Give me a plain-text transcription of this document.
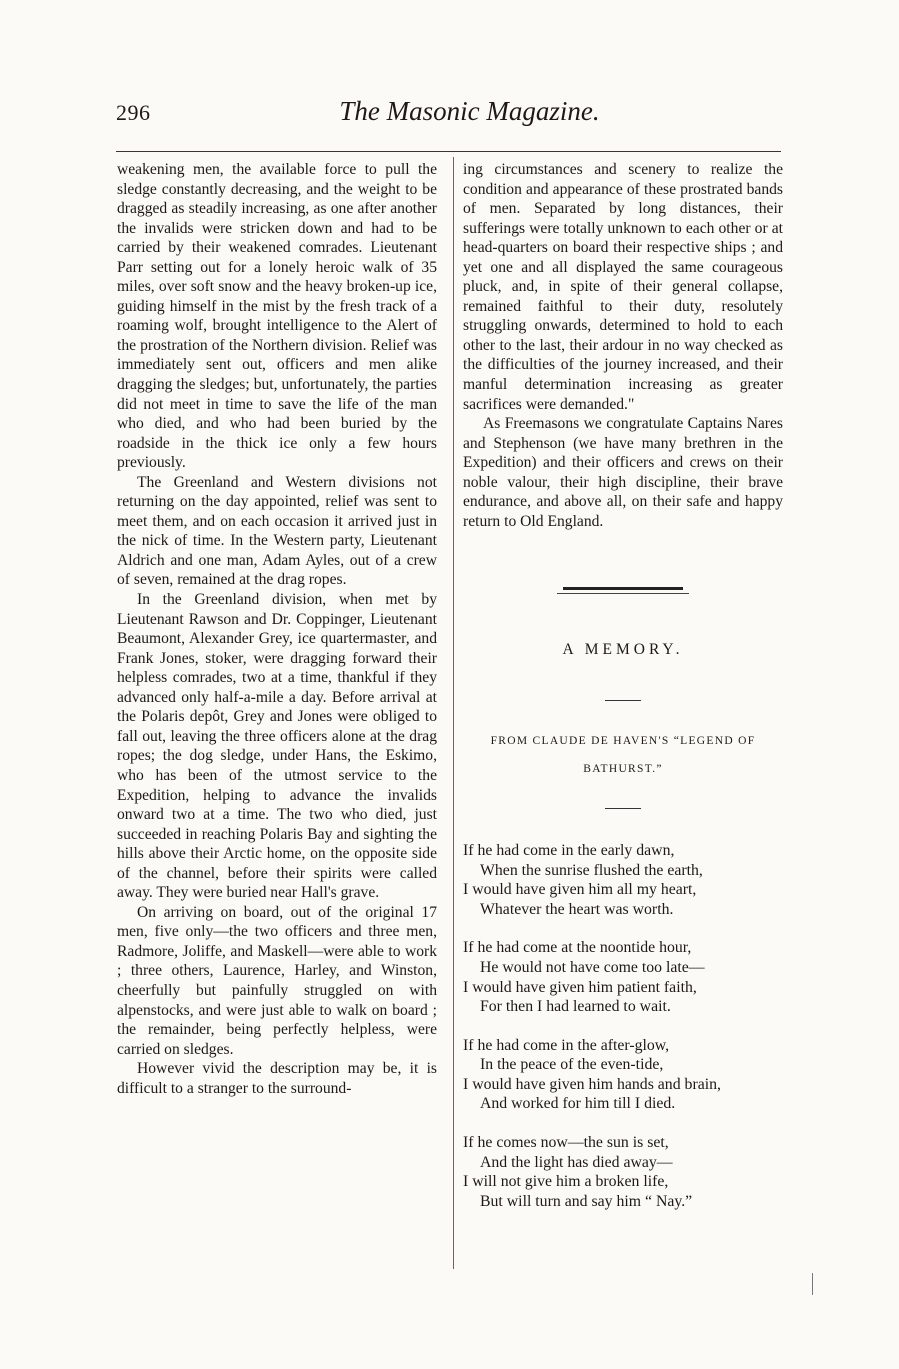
296	The Masonic Magazine.

weakening men, the available force to pull the sledge constantly decreasing, and the weight to be dragged as steadily increasing, as one after another the invalids were stricken down and had to be carried by their weakened comrades. Lieutenant Parr setting out for a lonely heroic walk of 35 miles, over soft snow and the heavy broken-up ice, guiding himself in the mist by the fresh track of a roaming wolf, brought intelligence to the Alert of the prostration of the Northern division. Relief was immediately sent out, officers and men alike dragging the sledges; but, unfortunately, the parties did not meet in time to save the life of the man who died, and who had been buried by the roadside in the thick ice only a few hours previously.

The Greenland and Western divisions not returning on the day appointed, relief was sent to meet them, and on each occasion it arrived just in the nick of time. In the Western party, Lieutenant Aldrich and one man, Adam Ayles, out of a crew of seven, remained at the drag ropes.

In the Greenland division, when met by Lieutenant Rawson and Dr. Coppinger, Lieutenant Beaumont, Alexander Grey, ice quartermaster, and Frank Jones, stoker, were dragging forward their helpless comrades, two at a time, thankful if they advanced only half-a-mile a day. Before arrival at the Polaris depôt, Grey and Jones were obliged to fall out, leaving the three officers alone at the drag ropes; the dog sledge, under Hans, the Eskimo, who has been of the utmost service to the Expedition, helping to advance the invalids onward two at a time. The two who died, just succeeded in reaching Polaris Bay and sighting the hills above their Arctic home, on the opposite side of the channel, before their spirits were called away. They were buried near Hall's grave.

On arriving on board, out of the original 17 men, five only—the two officers and three men, Radmore, Joliffe, and Maskell—were able to work ; three others, Laurence, Harley, and Winston, cheerfully but painfully struggled on with alpenstocks, and were just able to walk on board ; the remainder, being perfectly helpless, were carried on sledges.

However vivid the description may be, it is difficult to a stranger to the surround-

ing circumstances and scenery to realize the condition and appearance of these prostrated bands of men. Separated by long distances, their sufferings were totally unknown to each other or at head-quarters on board their respective ships ; and yet one and all displayed the same courageous pluck, and, in spite of their general collapse, remained faithful to their duty, resolutely struggling onwards, determined to hold to each other to the last, their ardour in no way checked as the difficulties of the journey increased, and their manful determination increasing as greater sacrifices were demanded."

As Freemasons we congratulate Captains Nares and Stephenson (we have many brethren in the Expedition) and their officers and crews on their noble valour, their high discipline, their brave endurance, and above all, on their safe and happy return to Old England.

A MEMORY.
FROM CLAUDE DE HAVEN'S “LEGEND OF
BATHURST.”
If he had come in the early dawn,
When the sunrise flushed the earth,
I would have given him all my heart,
Whatever the heart was worth.
If he had come at the noontide hour,
He would not have come too late—
I would have given him patient faith,
For then I had learned to wait.
If he had come in the after-glow,
In the peace of the even-tide,
I would have given him hands and brain,
And worked for him till I died.
If he comes now—the sun is set,
And the light has died away—
I will not give him a broken life,
But will turn and say him “ Nay.”
